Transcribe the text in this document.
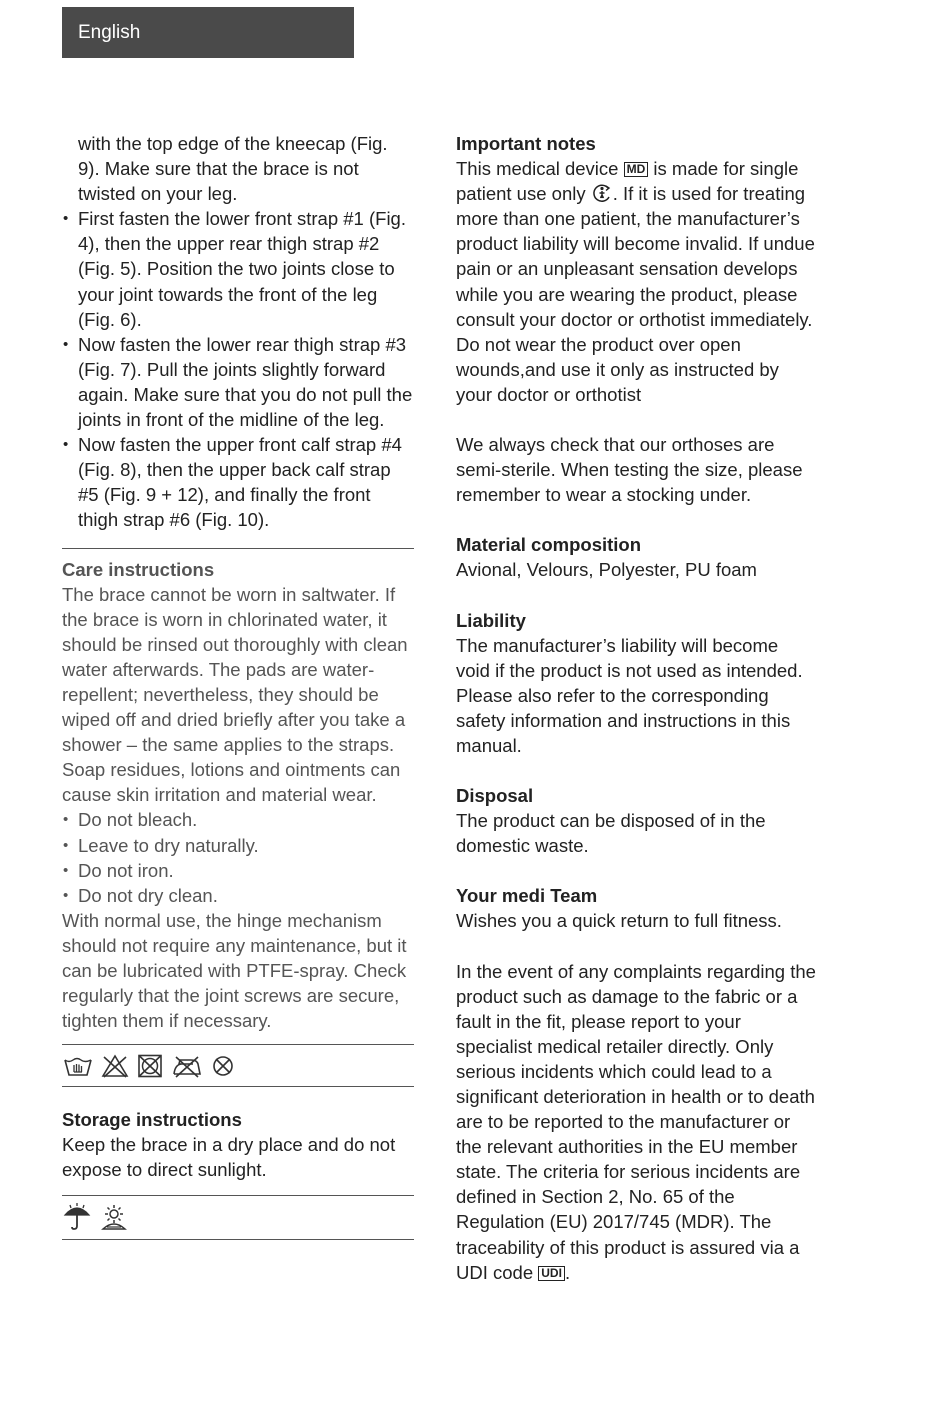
English

with the top edge of the kneecap (Fig. 9). Make sure that the brace is not twisted on your leg.

• First fasten the lower front strap #1 (Fig. 4), then the upper rear thigh strap #2 (Fig. 5). Position the two joints close to your joint towards the front of the leg (Fig. 6).
• Now fasten the lower rear thigh strap #3 (Fig. 7). Pull the joints slightly forward again. Make sure that you do not pull the joints in front of the midline of the leg.
• Now fasten the upper front calf strap #4 (Fig. 8), then the upper back calf strap #5 (Fig. 9 + 12), and finally the front thigh strap #6 (Fig. 10).

Care instructions

The brace cannot be worn in saltwater. If the brace is worn in chlorinated water, it should be rinsed out thoroughly with clean water afterwards. The pads are water-repellent; nevertheless, they should be wiped off and dried briefly after you take a shower – the same applies to the straps. Soap residues, lotions and ointments can cause skin irritation and material wear.

• Do not bleach.
• Leave to dry naturally.
• Do not iron.
• Do not dry clean.

With normal use, the hinge mechanism should not require any maintenance, but it can be lubricated with PTFE-spray. Check regularly that the joint screws are secure, tighten them if necessary.

Storage instructions

Keep the brace in a dry place and do not expose to direct sunlight.

Important notes

This medical device MD is made for single patient use only . If it is used for treating more than one patient, the manufacturer’s product liability will become invalid. If undue pain or an unpleasant sensation develops while you are wearing the product, please consult your doctor or orthotist immediately. Do not wear the product over open wounds,and use it only as instructed by your doctor or orthotist

We always check that our orthoses are semi-sterile. When testing the size, please remember to wear a stocking under.

Material composition

Avional, Velours, Polyester, PU foam

Liability

The manufacturer’s liability will become void if the product is not used as intended. Please also refer to the corresponding safety information and instructions in this manual.

Disposal

The product can be disposed of in the domestic waste.

Your medi Team

Wishes you a quick return to full fitness.

In the event of any complaints regarding the product such as damage to the fabric or a fault in the fit, please report to your specialist medical retailer directly. Only serious incidents which could lead to a significant deterioration in health or to death are to be reported to the manufacturer or the relevant authorities in the EU member state. The criteria for serious incidents are defined in Section 2, No. 65 of the Regulation (EU) 2017/745 (MDR). The traceability of this product is assured via a UDI code UDI .
